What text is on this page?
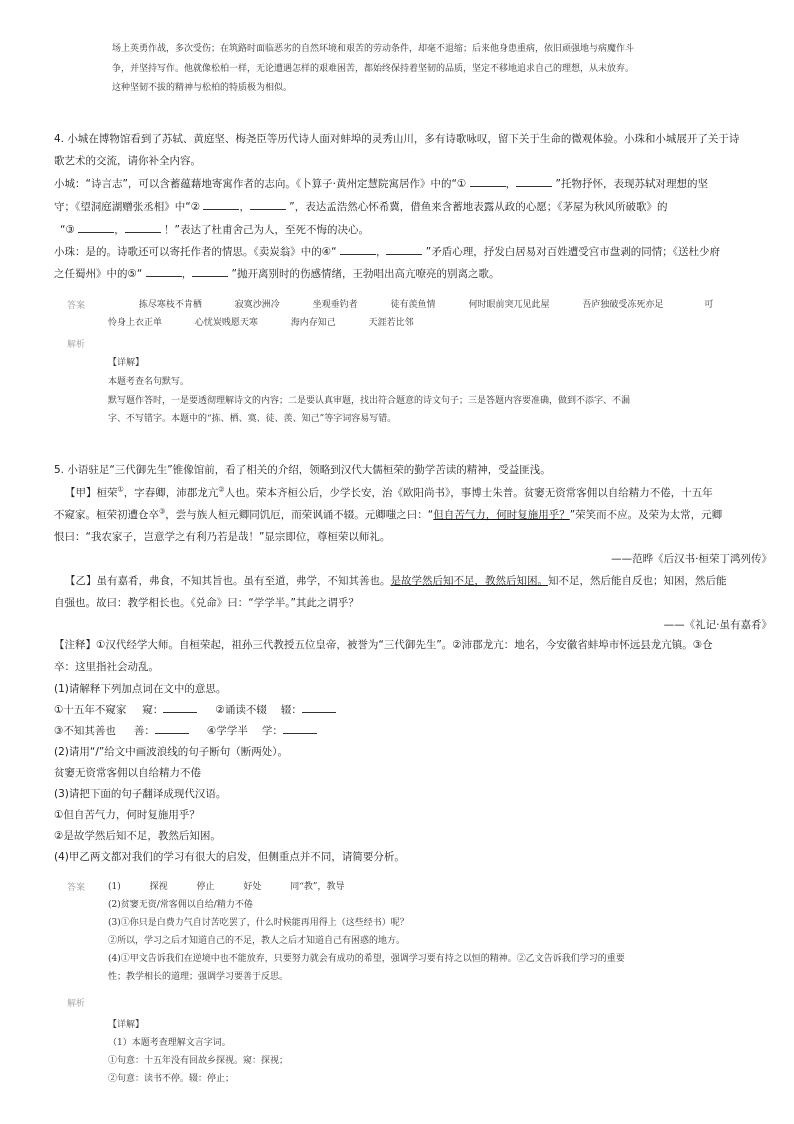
场上英勇作战，多次受伤；在筑路时面临恶劣的自然环境和艰苦的劳动条件，却毫不退缩；后来他身患重病，依旧顽强地与病魔作斗
争，并坚持写作。他就像松柏一样，无论遭遇怎样的艰难困苦，都始终保持着坚韧的品质，坚定不移地追求自己的理想，从未放弃。
这种坚韧不拔的精神与松柏的特质极为相似。
4. 小城在博物馆看到了苏轼、黄庭坚、梅尧臣等历代诗人面对蚌埠的灵秀山川，多有诗歌咏叹，留下关于生命的微观体验。小珠和小城展开了关于诗
歌艺术的交流，请你补全内容。
小城：“诗言志”，可以含蓄蕴藉地寄寓作者的志向。《卜算子·黄州定慧院寓居作》中的“①	，	”托物抒怀，表现苏轼对理想的坚
守；《望洞庭湖赠张丞相》中“②	，	”，表达孟浩然心怀希冀，借鱼来含蓄地表露从政的心愿；《茅屋为秋风所破歌》的
“③	，	！”表达了杜甫舍己为人，至死不悔的决心。
小珠：是的。诗歌还可以寄托作者的情思。《卖炭翁》中的④“	，	”矛盾心理，抒发白居易对百姓遭受宫市盘剥的同情；《送杜少府
之任蜀州》中的⑤“	，	”抛开离别时的伤感情绪，王勃唱出高亢嘹亮的别离之歌。
答案	拣尽寒枝不肯栖	寂寞沙洲冷	坐观垂钓者	徒有羡鱼情	何时眼前突兀见此屋	吾庐独破受冻死亦足	可
怜身上衣正单	心忧炭贱愿天寒	海内存知己	天涯若比邻
解析
【详解】
本题考查名句默写。
默写题作答时，一是要透彻理解诗文的内容；二是要认真审题，找出符合题意的诗文句子；三是答题内容要准确，做到不添字、不漏
字、不写错字。本题中的“拣、栖、寞、徒、羡、知己”等字词容易写错。
5. 小语驻足“三代御先生”锥像馆前，看了相关的介绍，领略到汉代大儒桓荣的勤学苦读的精神，受益匪浅。
【甲】桓荣①，字春卿，沛郡龙亢②人也。荣本齐桓公后，少学长安，治《欧阳尚书》，事博士朱普。贫窭无资常客佣以自给精力不倦，十五年
不窥家。桓荣初遭仓卒③，尝与族人桓元卿同饥厄，而荣讽诵不辍。元卿嗤之曰：“但自苦气力，何时复施用乎？”荣笑而不应。及荣为太常，元卿
恨曰：“我农家子，岂意学之有利乃若是哉！”显宗即位，尊桓荣以师礼。
——范晔《后汉书·桓荣丁鸿列传》
【乙】虽有嘉肴，弗食，不知其旨也。虽有至道，弗学，不知其善也。是故学然后知不足，教然后知困。知不足，然后能自反也；知困，然后能
自强也。故曰：教学相长也。《兑命》曰：“学学半。”其此之谓乎？
——《礼记·虽有嘉肴》
【注释】①汉代经学大师。自桓荣起，祖孙三代教授五位皇帝，被誉为“三代御先生”。②沛郡龙亢：地名，今安徽省蚌埠市怀远县龙亢镇。③仓
卒：这里指社会动乱。
(1)请解释下列加点词在文中的意思。
①十五年不窥家 窥：	②诵读不辍 辍：
③不知其善也 善：	④学学半 学：
(2)请用“/”给文中画波浪线的句子断句（断两处）。
贫窭无资常客佣以自给精力不倦
(3)请把下面的句子翻译成现代汉语。
①但自苦气力，何时复施用乎？
②是故学然后知不足，教然后知困。
(4)甲乙两文都对我们的学习有很大的启发，但侧重点并不同，请简要分析。
答案	(1)	探视	停止	好处	同“教”，教导
(2)贫窭无资/常客佣以自给/精力不倦
(3)①你只是白费力气自讨苦吃罢了，什么时候能再用得上（这些经书）呢？
②所以，学习之后才知道自己的不足，教人之后才知道自己有困惑的地方。
(4)①甲文告诉我们在逆境中也不能放弃，只要努力就会有成功的希望，强调学习要有持之以恒的精神。②乙文告诉我们学习的重要
性；教学相长的道理；强调学习要善于反思。
解析
【详解】
（1）本题考查理解文言字词。
①句意：十五年没有回故乡探视。窥：探视；
②句意：读书不停。辍：停止；
